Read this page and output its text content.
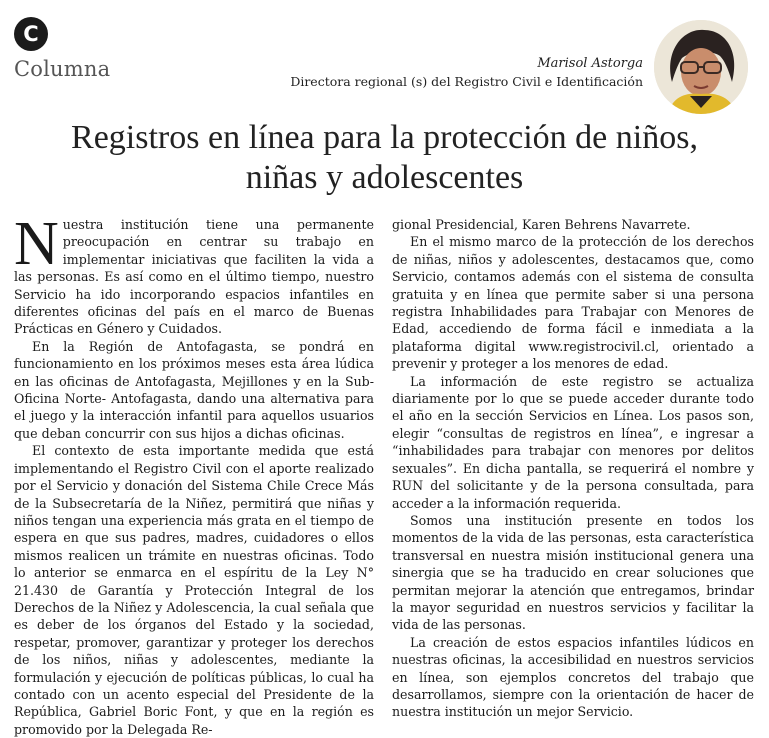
C
Columna	Marisol Astorga
Directora regional (s) del Registro Civil e Identificación
Registros en línea para la protección de niños,
niñas y adolescentes

Nuestra institución tiene una permanente preocupación en centrar su trabajo en implementar iniciativas que faciliten la vida a las personas. Es así como en el último tiempo, nuestro Servicio ha ido incorporando espacios infantiles en diferentes oficinas del país en el marco de Buenas Prácticas en Género y Cuidados.

En la Región de Antofagasta, se pondrá en funcionamiento en los próximos meses esta área lúdica en las oficinas de Antofagasta, Mejillones y en la Sub-Oficina Norte- Antofagasta, dando una alternativa para el juego y la interacción infantil para aquellos usuarios que deban concurrir con sus hijos a dichas oficinas.

El contexto de esta importante medida que está implementando el Registro Civil con el aporte realizado por el Servicio y donación del Sistema Chile Crece Más de la Subsecretaría de la Niñez, permitirá que niñas y niños tengan una experiencia más grata en el tiempo de espera en que sus padres, madres, cuidadores o ellos mismos realicen un trámite en nuestras oficinas. Todo lo anterior se enmarca en el espíritu de la Ley N° 21.430 de Garantía y Protección Integral de los Derechos de la Niñez y Adolescencia, la cual señala que es deber de los órganos del Estado y la sociedad, respetar, promover, garantizar y proteger los derechos de los niños, niñas y adolescentes, mediante la formulación y ejecución de políticas públicas, lo cual ha contado con un acento especial del Presidente de la República, Gabriel Boric Font, y que en la región es promovido por la Delegada Re-

gional Presidencial, Karen Behrens Navarrete.

En el mismo marco de la protección de los derechos de niñas, niños y adolescentes, destacamos que, como Servicio, contamos además con el sistema de consulta gratuita y en línea que permite saber si una persona registra Inhabilidades para Trabajar con Menores de Edad, accediendo de forma fácil e inmediata a la plataforma digital www.registrocivil.cl, orientado a prevenir y proteger a los menores de edad.

La información de este registro se actualiza diariamente por lo que se puede acceder durante todo el año en la sección Servicios en Línea. Los pasos son, elegir “consultas de registros en línea”, e ingresar a “inhabilidades para trabajar con menores por delitos sexuales”. En dicha pantalla, se requerirá el nombre y RUN del solicitante y de la persona consultada, para acceder a la información requerida.

Somos una institución presente en todos los momentos de la vida de las personas, esta característica transversal en nuestra misión institucional genera una sinergia que se ha traducido en crear soluciones que permitan mejorar la atención que entregamos, brindar la mayor seguridad en nuestros servicios y facilitar la vida de las personas.

La creación de estos espacios infantiles lúdicos en nuestras oficinas, la accesibilidad en nuestros servicios en línea, son ejemplos concretos del trabajo que desarrollamos, siempre con la orientación de hacer de nuestra institución un mejor Servicio.
